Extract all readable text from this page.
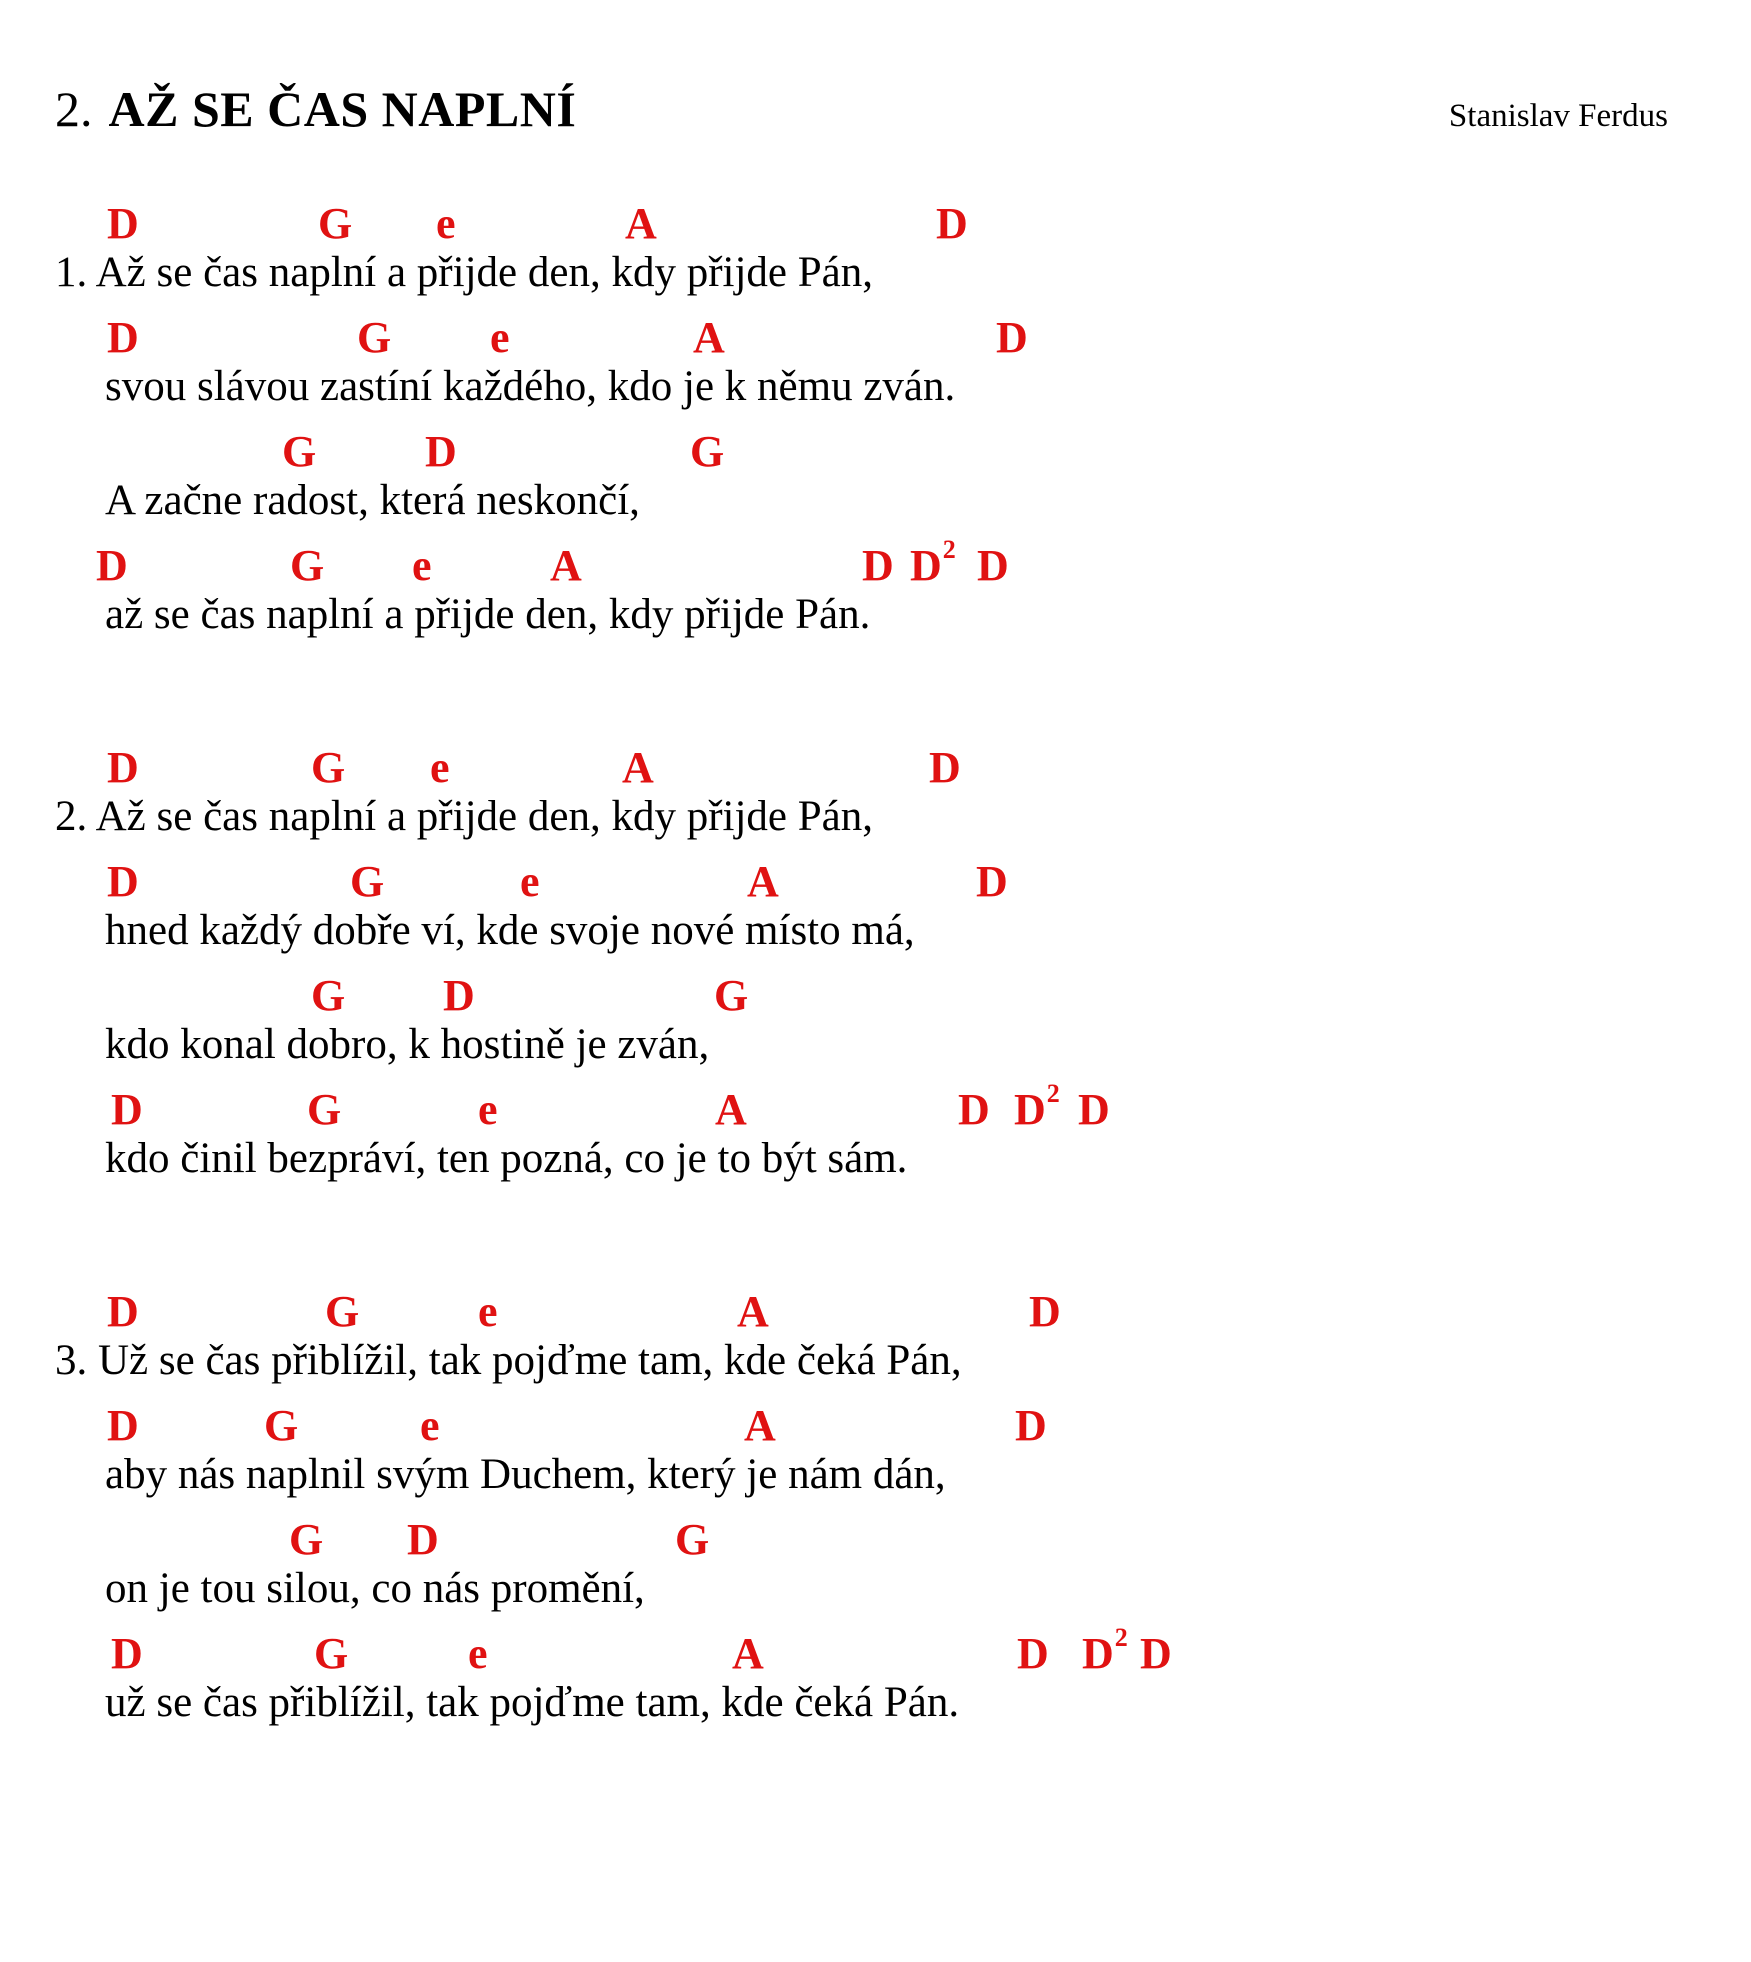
2. AŽ SE ČAS NAPLNÍ	Stanislav Ferdus
D	G e	A	D
1. Až se čas naplní a přijde den, kdy přijde Pán,
D	G e	A	D
svou slávou zastíní každého, kdo je k němu zván.
G D	G
A začne radost, která neskončí,
D	G e	A	D $D^2$ D
až se čas naplní a přijde den, kdy přijde Pán.
D	G e	A	D
2. Až se čas naplní a přijde den, kdy přijde Pán,
D	G	e	A	D
hned každý dobře ví, kde svoje nové místo má,
G D	G
kdo konal dobro, k hostině je zván,
D	G	e	A	D $D^2$ D
kdo činil bezpráví, ten pozná, co je to být sám.
D	G	e	A	D
3. Už se čas přiblížil, tak pojďme tam, kde čeká Pán,
D	G	e	A	D
aby nás naplnil svým Duchem, který je nám dán,
G D	G
on je tou silou, co nás promění,
D	G	e	A	D $D^2$ D
už se čas přiblížil, tak pojďme tam, kde čeká Pán.
